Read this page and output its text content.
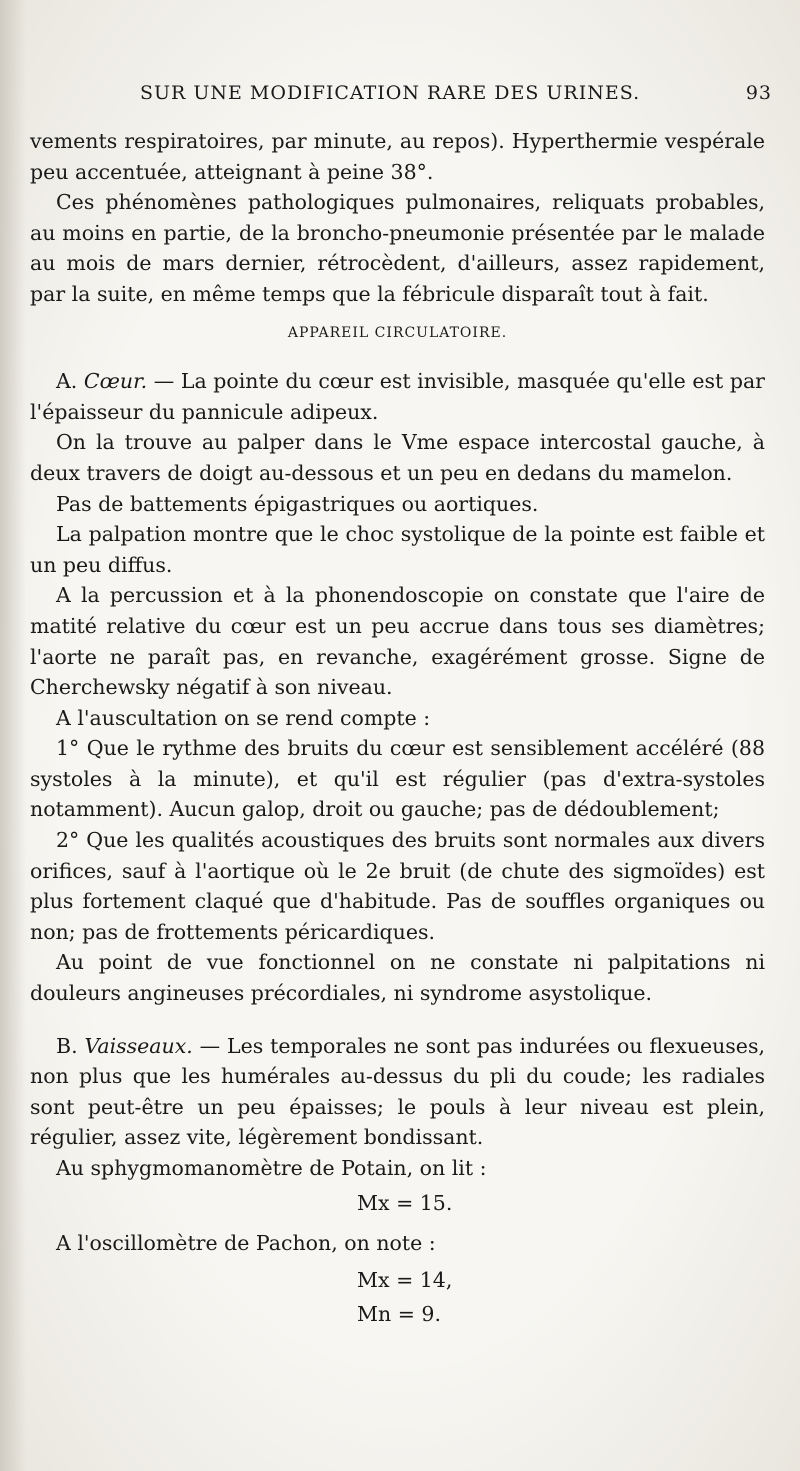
SUR UNE MODIFICATION RARE DES URINES.	93

vements respiratoires, par minute, au repos). Hyperthermie vespérale peu accentuée, atteignant à peine 38°.

Ces phénomènes pathologiques pulmonaires, reliquats probables, au moins en partie, de la broncho-pneumonie présentée par le malade au mois de mars dernier, rétrocèdent, d'ailleurs, assez rapidement, par la suite, en même temps que la fébricule disparaît tout à fait.

APPAREIL CIRCULATOIRE.

A. Cœur. — La pointe du cœur est invisible, masquée qu'elle est par l'épaisseur du pannicule adipeux.

On la trouve au palper dans le Vme espace intercostal gauche, à deux travers de doigt au-dessous et un peu en dedans du mamelon.

Pas de battements épigastriques ou aortiques.

La palpation montre que le choc systolique de la pointe est faible et un peu diffus.

A la percussion et à la phonendoscopie on constate que l'aire de matité relative du cœur est un peu accrue dans tous ses diamètres; l'aorte ne paraît pas, en revanche, exagérément grosse. Signe de Cherchewsky négatif à son niveau.

A l'auscultation on se rend compte :

1° Que le rythme des bruits du cœur est sensiblement accéléré (88 systoles à la minute), et qu'il est régulier (pas d'extra-systoles notamment). Aucun galop, droit ou gauche; pas de dédoublement;

2° Que les qualités acoustiques des bruits sont normales aux divers orifices, sauf à l'aortique où le 2e bruit (de chute des sigmoïdes) est plus fortement claqué que d'habitude. Pas de souffles organiques ou non; pas de frottements péricardiques.

Au point de vue fonctionnel on ne constate ni palpitations ni douleurs angineuses précordiales, ni syndrome asystolique.

B. Vaisseaux. — Les temporales ne sont pas indurées ou flexueuses, non plus que les humérales au-dessus du pli du coude; les radiales sont peut-être un peu épaisses; le pouls à leur niveau est plein, régulier, assez vite, légèrement bondissant.

Au sphygmomanomètre de Potain, on lit :

Mx = 15.

A l'oscillomètre de Pachon, on note :

Mx = 14,
Mn = 9.
